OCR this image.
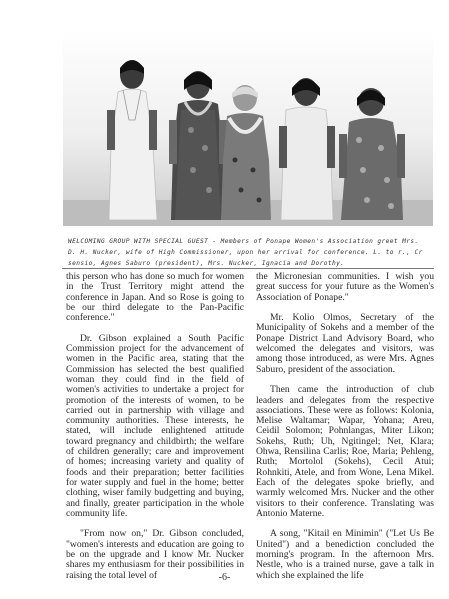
WELCOMING GROUP WITH SPECIAL GUEST - Members of Ponape Women's Association greet Mrs.
D. H. Nucker, wife of High Commissioner, upon her arrival for conference. L. to r., Cr
sensio, Agnes Saburo (president), Mrs. Nucker, Ignacia and Dorothy.

this person who has done so much for women in the Trust Territory might attend the conference in Japan. And so Rose is going to be our third delegate to the Pan-Pacific conference."

Dr. Gibson explained a South Pacific Commission project for the advancement of women in the Pacific area, stating that the Commission has selected the best qualified woman they could find in the field of women's activities to undertake a project for promotion of the interests of women, to be carried out in partnership with village and community authorities. These interests, he stated, will include enlightened attitude toward pregnancy and childbirth; the welfare of children generally; care and improvement of homes; increasing variety and quality of foods and their preparation; better facilities for water supply and fuel in the home; better clothing, wiser family budgetting and buying, and finally, greater participation in the whole community life.

"From now on," Dr. Gibson concluded, "women's interests and education are going to be on the upgrade and I know Mr. Nucker shares my enthusiasm for their possibilities in raising the total level of

the Micronesian communities. I wish you great success for your future as the Women's Association of Ponape."

Mr. Kolio Olmos, Secretary of the Municipality of Sokehs and a member of the Ponape District Land Advisory Board, who welcomed the delegates and visitors, was among those introduced, as were Mrs. Agnes Saburo, president of the association.

Then came the introduction of club leaders and delegates from the respective associations. These were as follows: Kolonia, Melise Waltamar; Wapar, Yohana; Areu, Ceidil Solomon; Pohnlangas, Miter Likon; Sokehs, Ruth; Uh, Ngitingel; Net, Klara; Ohwa, Rensilina Carlis; Roe, Maria; Pehleng, Ruth; Mortolol (Sokehs), Cecil Atui; Rohnkiti, Atele, and from Wone, Lena Mikel. Each of the delegates spoke briefly, and warmly welcomed Mrs. Nucker and the other visitors to their conference. Translating was Antonio Materne.

A song, "Kitail en Minimin" ("Let Us Be United") and a benediction concluded the morning's program. In the afternoon Mrs. Nestle, who is a trained nurse, gave a talk in which she explained the life

-6-
